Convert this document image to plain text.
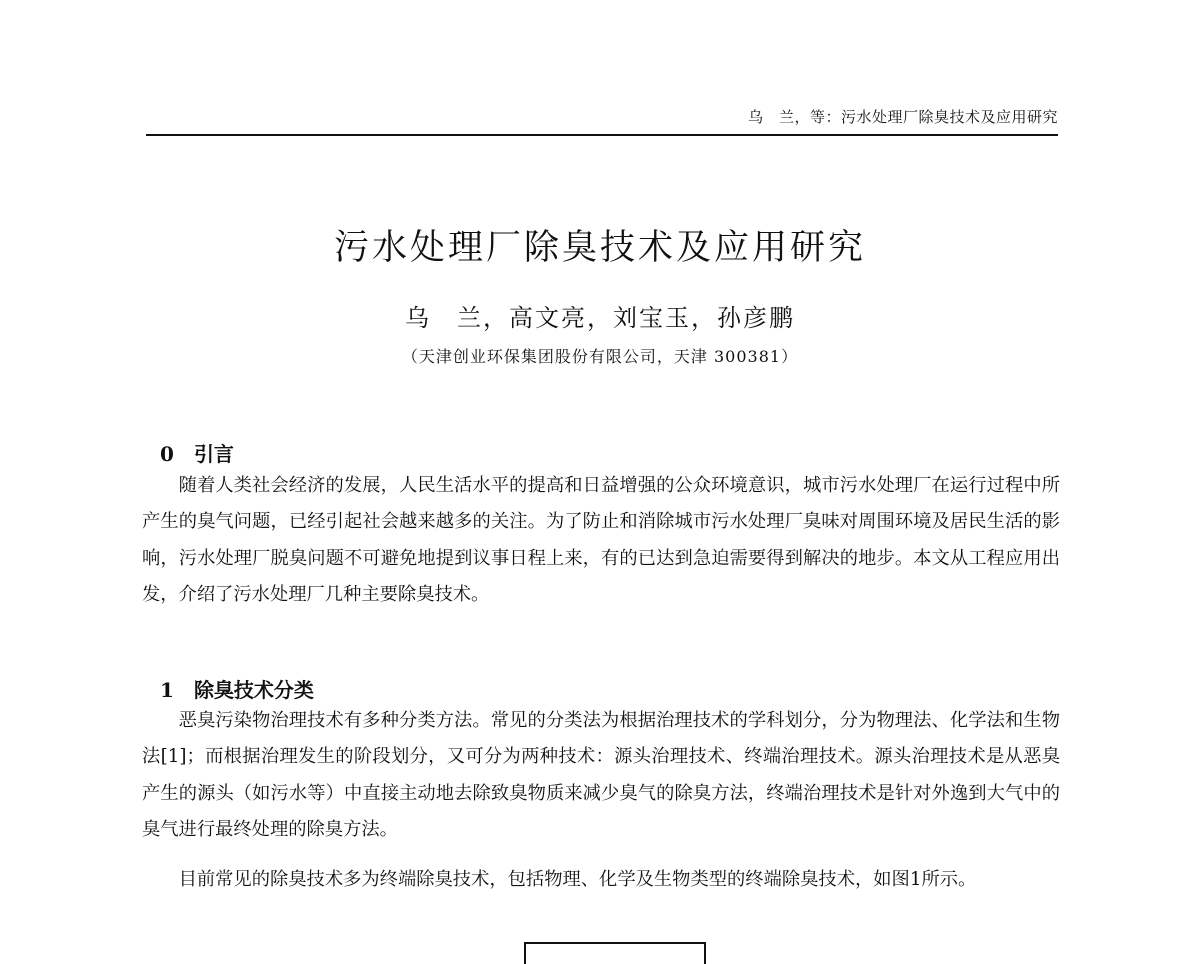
乌　兰，等：污水处理厂除臭技术及应用研究
污水处理厂除臭技术及应用研究
乌　兰，高文亮，刘宝玉，孙彦鹏
（天津创业环保集团股份有限公司，天津 300381）

0 引言

随着人类社会经济的发展，人民生活水平的提高和日益增强的公众环境意识，城市污水处理厂在运行过程中所产生的臭气问题，已经引起社会越来越多的关注。为了防止和消除城市污水处理厂臭味对周围环境及居民生活的影响，污水处理厂脱臭问题不可避免地提到议事日程上来，有的已达到急迫需要得到解决的地步。本文从工程应用出发，介绍了污水处理厂几种主要除臭技术。

1 除臭技术分类

恶臭污染物治理技术有多种分类方法。常见的分类法为根据治理技术的学科划分，分为物理法、化学法和生物法[1]；而根据治理发生的阶段划分，又可分为两种技术：源头治理技术、终端治理技术。源头治理技术是从恶臭产生的源头（如污水等）中直接主动地去除致臭物质来减少臭气的除臭方法，终端治理技术是针对外逸到大气中的臭气进行最终处理的除臭方法。

目前常见的除臭技术多为终端除臭技术，包括物理、化学及生物类型的终端除臭技术，如图1所示。
